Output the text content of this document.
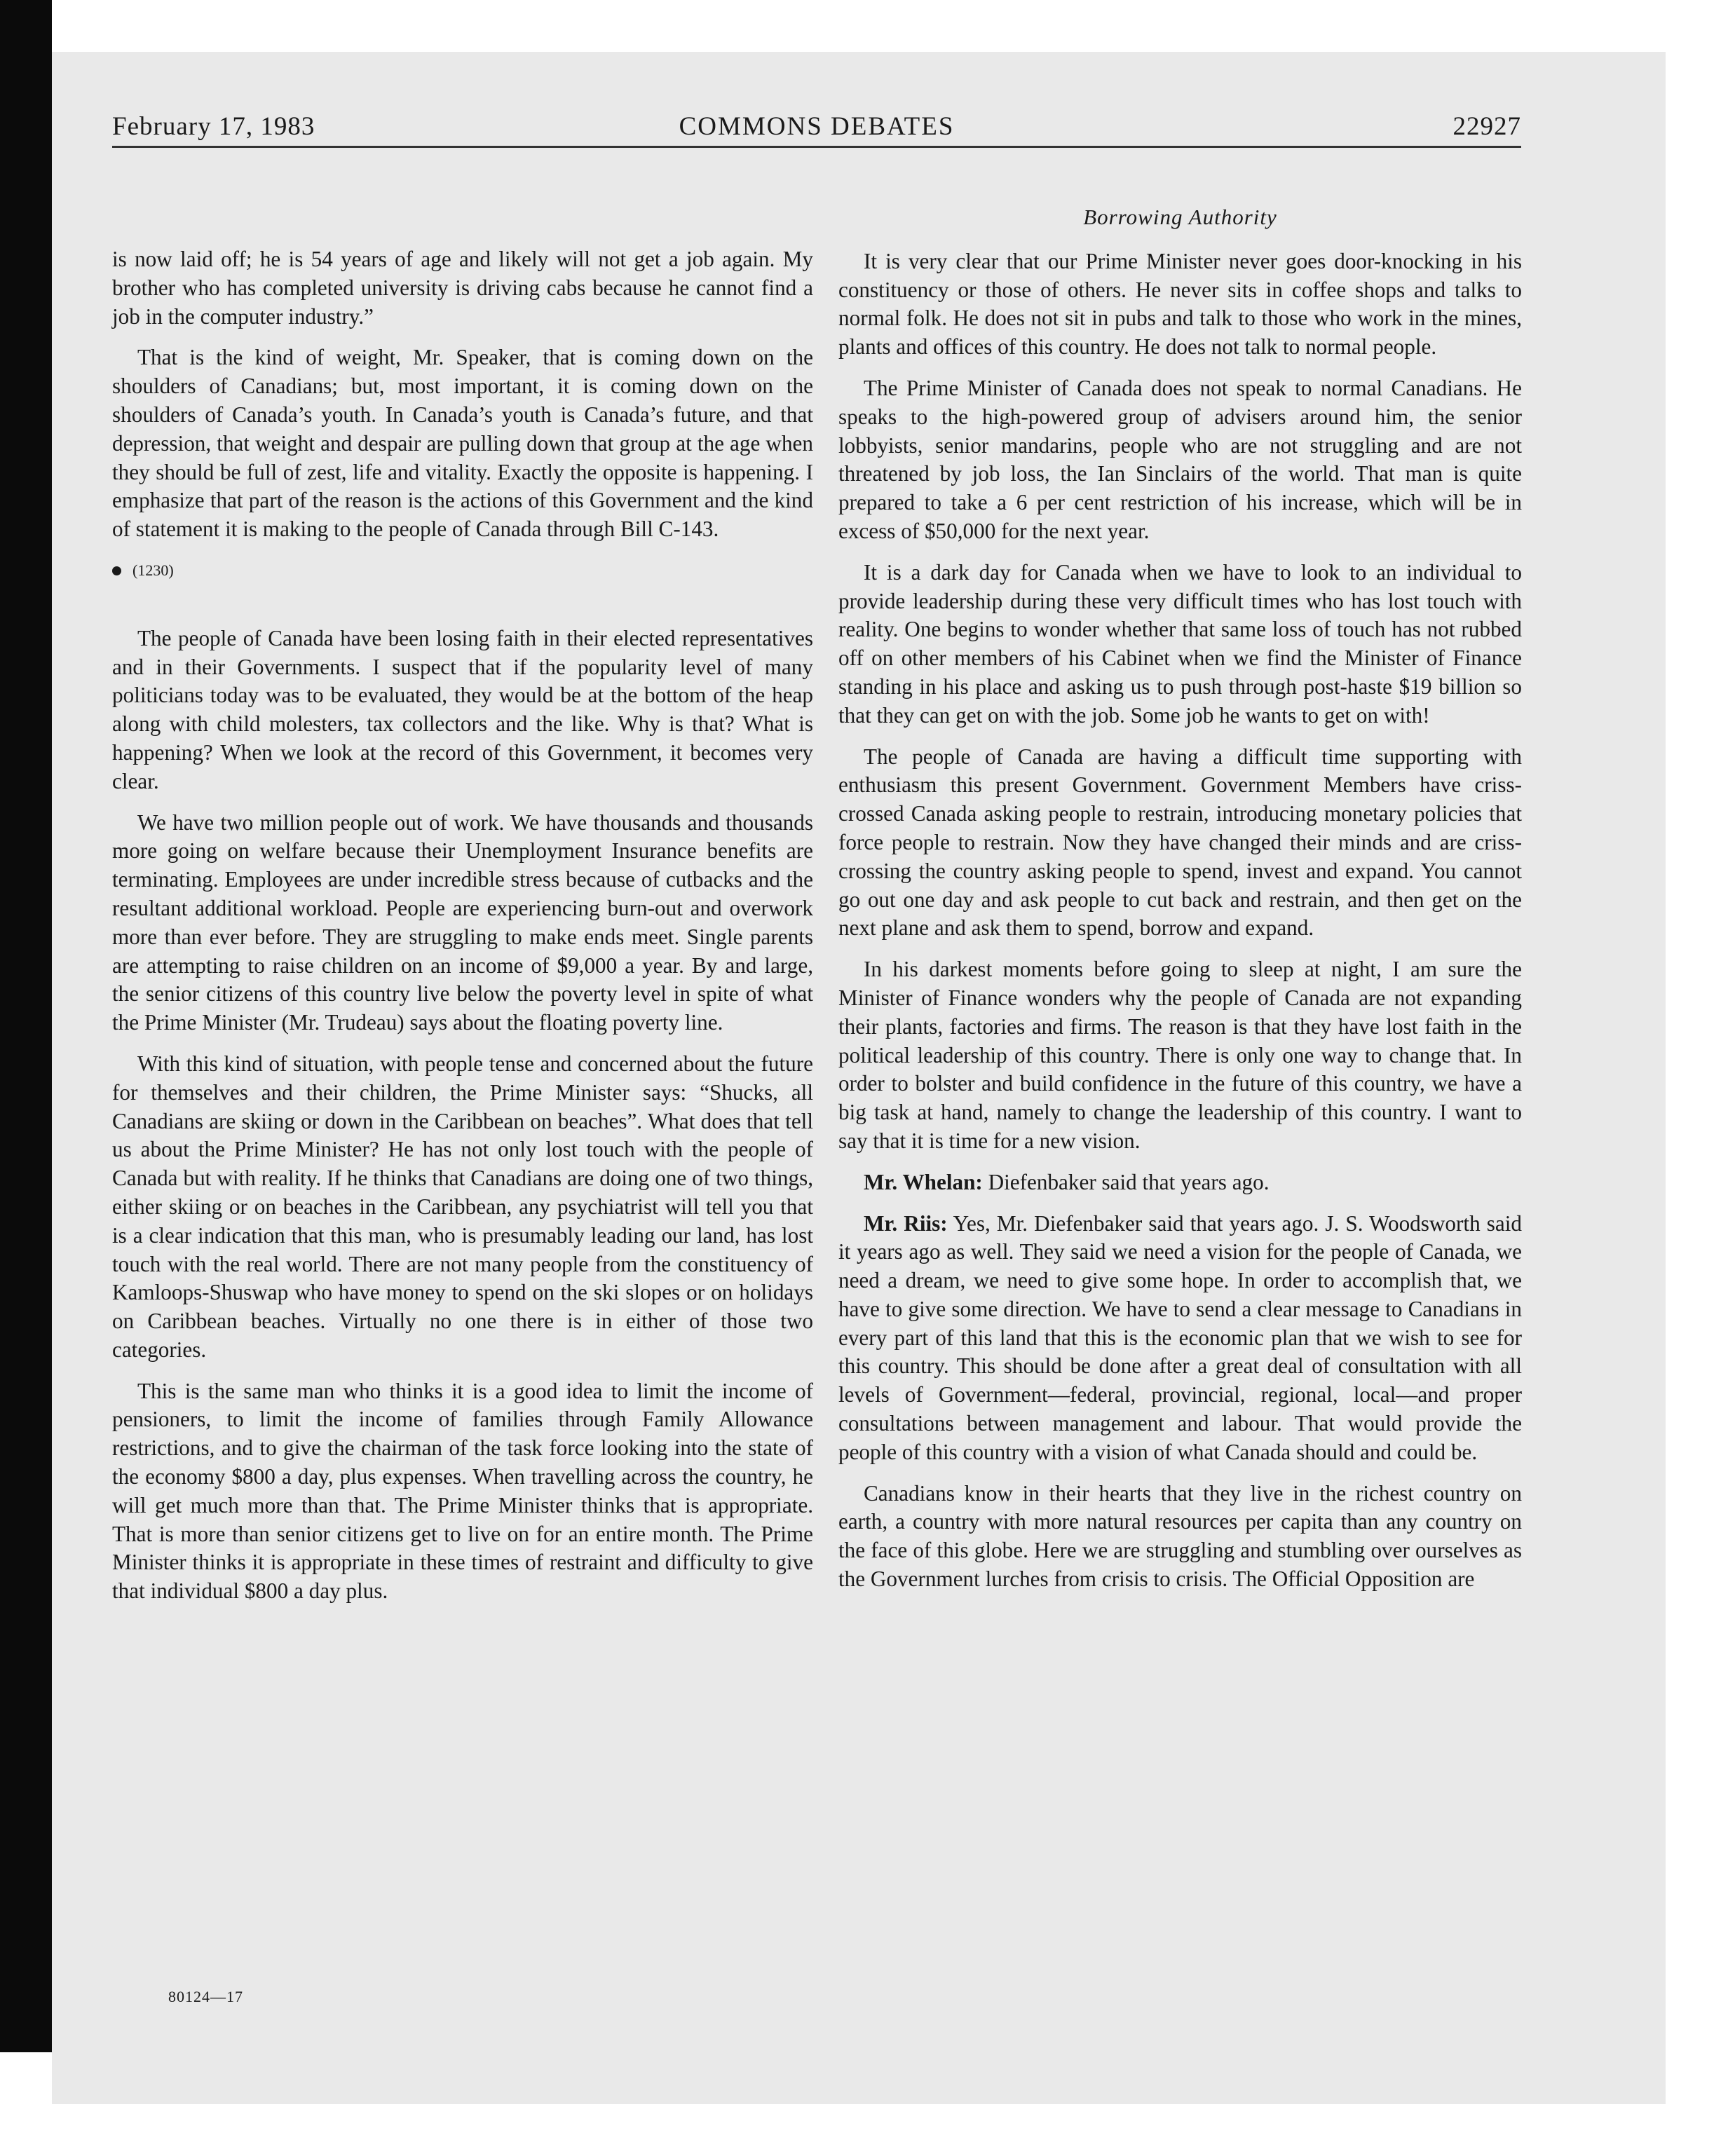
February 17, 1983	COMMONS DEBATES	22927

is now laid off; he is 54 years of age and likely will not get a job again. My brother who has completed university is driving cabs because he cannot find a job in the computer industry.”

That is the kind of weight, Mr. Speaker, that is coming down on the shoulders of Canadians; but, most important, it is coming down on the shoulders of Canada’s youth. In Canada’s youth is Canada’s future, and that depression, that weight and despair are pulling down that group at the age when they should be full of zest, life and vitality. Exactly the opposite is happening. I emphasize that part of the reason is the actions of this Government and the kind of statement it is making to the people of Canada through Bill C-143.

(1230)

The people of Canada have been losing faith in their elected representatives and in their Governments. I suspect that if the popularity level of many politicians today was to be evaluated, they would be at the bottom of the heap along with child molesters, tax collectors and the like. Why is that? What is happening? When we look at the record of this Government, it becomes very clear.

We have two million people out of work. We have thousands and thousands more going on welfare because their Unemployment Insurance benefits are terminating. Employees are under incredible stress because of cutbacks and the resultant additional workload. People are experiencing burn-out and overwork more than ever before. They are struggling to make ends meet. Single parents are attempting to raise children on an income of $9,000 a year. By and large, the senior citizens of this country live below the poverty level in spite of what the Prime Minister (Mr. Trudeau) says about the floating poverty line.

With this kind of situation, with people tense and concerned about the future for themselves and their children, the Prime Minister says: “Shucks, all Canadians are skiing or down in the Caribbean on beaches”. What does that tell us about the Prime Minister? He has not only lost touch with the people of Canada but with reality. If he thinks that Canadians are doing one of two things, either skiing or on beaches in the Caribbean, any psychiatrist will tell you that is a clear indication that this man, who is presumably leading our land, has lost touch with the real world. There are not many people from the constituency of Kamloops-Shuswap who have money to spend on the ski slopes or on holidays on Caribbean beaches. Virtually no one there is in either of those two categories.

This is the same man who thinks it is a good idea to limit the income of pensioners, to limit the income of families through Family Allowance restrictions, and to give the chairman of the task force looking into the state of the economy $800 a day, plus expenses. When travelling across the country, he will get much more than that. The Prime Minister thinks that is appropriate. That is more than senior citizens get to live on for an entire month. The Prime Minister thinks it is appropriate in these times of restraint and difficulty to give that individual $800 a day plus.

Borrowing Authority

It is very clear that our Prime Minister never goes door-knocking in his constituency or those of others. He never sits in coffee shops and talks to normal folk. He does not sit in pubs and talk to those who work in the mines, plants and offices of this country. He does not talk to normal people.

The Prime Minister of Canada does not speak to normal Canadians. He speaks to the high-powered group of advisers around him, the senior lobbyists, senior mandarins, people who are not struggling and are not threatened by job loss, the Ian Sinclairs of the world. That man is quite prepared to take a 6 per cent restriction of his increase, which will be in excess of $50,000 for the next year.

It is a dark day for Canada when we have to look to an individual to provide leadership during these very difficult times who has lost touch with reality. One begins to wonder whether that same loss of touch has not rubbed off on other members of his Cabinet when we find the Minister of Finance standing in his place and asking us to push through post-haste $19 billion so that they can get on with the job. Some job he wants to get on with!

The people of Canada are having a difficult time supporting with enthusiasm this present Government. Government Members have criss-crossed Canada asking people to restrain, introducing monetary policies that force people to restrain. Now they have changed their minds and are criss-crossing the country asking people to spend, invest and expand. You cannot go out one day and ask people to cut back and restrain, and then get on the next plane and ask them to spend, borrow and expand.

In his darkest moments before going to sleep at night, I am sure the Minister of Finance wonders why the people of Canada are not expanding their plants, factories and firms. The reason is that they have lost faith in the political leadership of this country. There is only one way to change that. In order to bolster and build confidence in the future of this country, we have a big task at hand, namely to change the leadership of this country. I want to say that it is time for a new vision.

Mr. Whelan: Diefenbaker said that years ago.

Mr. Riis: Yes, Mr. Diefenbaker said that years ago. J. S. Woodsworth said it years ago as well. They said we need a vision for the people of Canada, we need a dream, we need to give some hope. In order to accomplish that, we have to give some direction. We have to send a clear message to Canadians in every part of this land that this is the economic plan that we wish to see for this country. This should be done after a great deal of consultation with all levels of Government—federal, provincial, regional, local—and proper consultations between management and labour. That would provide the people of this country with a vision of what Canada should and could be.

Canadians know in their hearts that they live in the richest country on earth, a country with more natural resources per capita than any country on the face of this globe. Here we are struggling and stumbling over ourselves as the Government lurches from crisis to crisis. The Official Opposition are

80124—17
